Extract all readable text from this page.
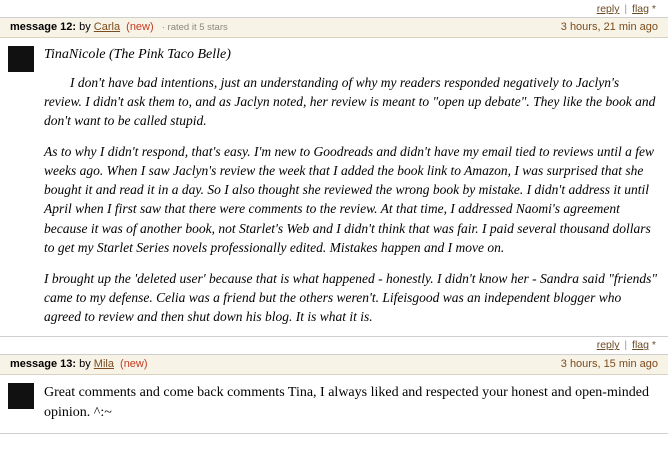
reply | flag *
message 12: by Carla (new) · rated it 5 stars	3 hours, 21 min ago
TinaNicole (The Pink Taco Belle)

I don't have bad intentions, just an understanding of why my readers responded negatively to Jaclyn's review. I didn't ask them to, and as Jaclyn noted, her review is meant to "open up debate". They like the book and don't want to be called stupid.

As to why I didn't respond, that's easy. I'm new to Goodreads and didn't have my email tied to reviews until a few weeks ago. When I saw Jaclyn's review the week that I added the book link to Amazon, I was surprised that she bought it and read it in a day. So I also thought she reviewed the wrong book by mistake. I didn't address it until April when I first saw that there were comments to the review. At that time, I addressed Naomi's agreement because it was of another book, not Starlet's Web and I didn't think that was fair. I paid several thousand dollars to get my Starlet Series novels professionally edited. Mistakes happen and I move on.

I brought up the 'deleted user' because that is what happened - honestly. I didn't know her - Sandra said "friends" came to my defense. Celia was a friend but the others weren't. Lifeisgood was an independent blogger who agreed to review and then shut down his blog. It is what it is.

reply | flag *
message 13: by Mila (new)	3 hours, 15 min ago

Great comments and come back comments Tina, I always liked and respected your honest and open-minded opinion. ^:~
